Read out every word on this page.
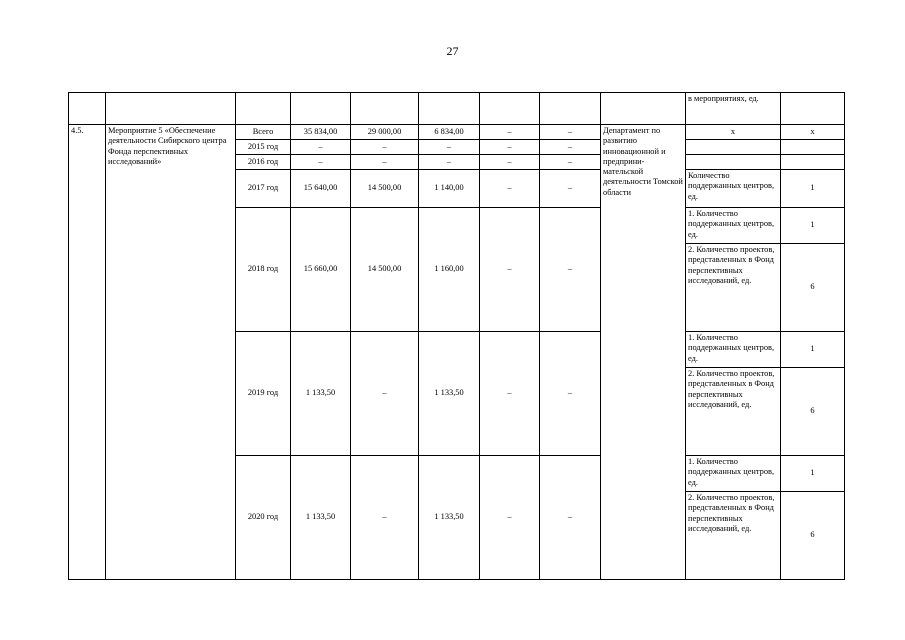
27
									в мероприятиях, ед.	
4.5.	Мероприятие 5 «Обеспечение деятельности Сибирского центра Фонда перспективных исследований»	Всего	35 834,00	29 000,00	6 834,00	–	–	Департамент по развитию инновационной и предприни-мательской деятельности Томской области	х	х
		2015 год	–	–	–	–	–			
		2016 год	–	–	–	–	–			
		2017 год	15 640,00	14 500,00	1 140,00	–	–		Количество поддержанных центров, ед.	1
		2018 год	15 660,00	14 500,00	1 160,00	–	–		1. Количество поддержанных центров, ед.	1
									2. Количество проектов, представленных в Фонд перспективных исследований, ед.	6
		2019 год	1 133,50	–	1 133,50	–	–		1. Количество поддержанных центров, ед.	1
									2. Количество проектов, представленных в Фонд перспективных исследований, ед.	6
		2020 год	1 133,50	–	1 133,50	–	–		1. Количество поддержанных центров, ед.	1
									2. Количество проектов, представленных в Фонд перспективных исследований, ед.	6
